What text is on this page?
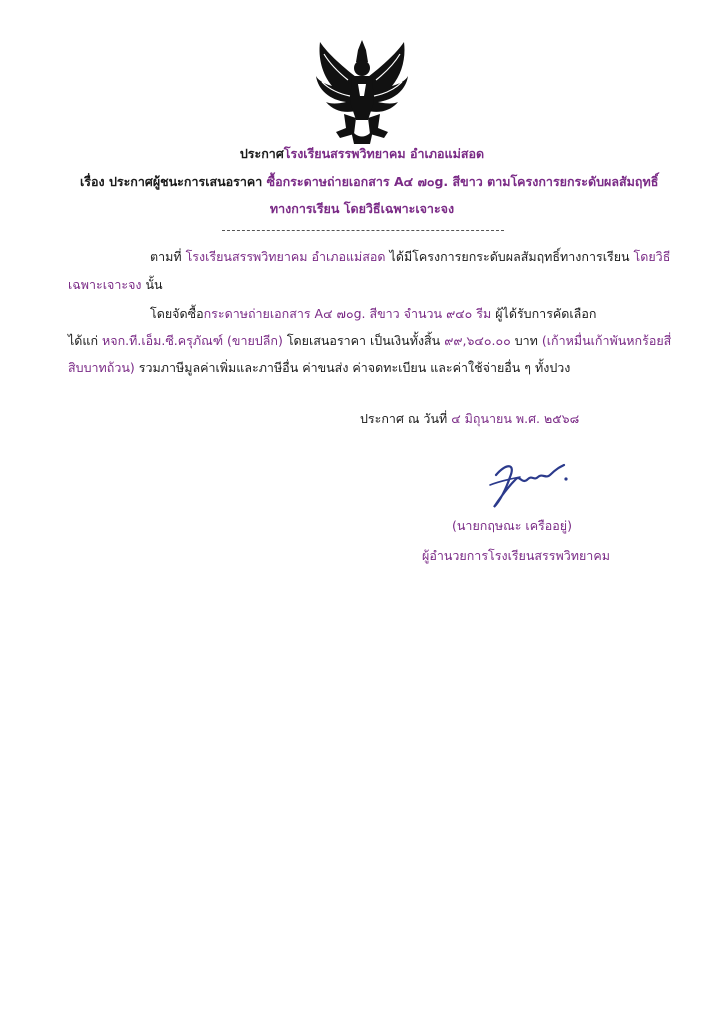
ประกาศโรงเรียนสรรพวิทยาคม อำเภอแม่สอด
เรื่อง ประกาศผู้ชนะการเสนอราคา ซื้อกระดาษถ่ายเอกสาร A๔ ๗๐g. สีขาว ตามโครงการยกระดับผลสัมฤทธิ์
ทางการเรียน โดยวิธีเฉพาะเจาะจง
ตามที่ โรงเรียนสรรพวิทยาคม อำเภอแม่สอด ได้มีโครงการยกระดับผลสัมฤทธิ์ทางการเรียน โดยวิธี
เฉพาะเจาะจง นั้น
โดยจัดซื้อกระดาษถ่ายเอกสาร A๔ ๗๐g. สีขาว จำนวน ๙๔๐ รีม ผู้ได้รับการคัดเลือก
ได้แก่ หจก.ที.เอ็ม.ซี.ครุภัณฑ์ (ขายปลีก) โดยเสนอราคา เป็นเงินทั้งสิ้น ๙๙,๖๔๐.๐๐ บาท (เก้าหมื่นเก้าพันหกร้อยสี่
สิบบาทถ้วน) รวมภาษีมูลค่าเพิ่มและภาษีอื่น ค่าขนส่ง ค่าจดทะเบียน และค่าใช้จ่ายอื่น ๆ ทั้งปวง
ประกาศ ณ วันที่ ๔ มิถุนายน พ.ศ. ๒๕๖๘
(นายกฤษณะ เครืออยู่)
ผู้อำนวยการโรงเรียนสรรพวิทยาคม
